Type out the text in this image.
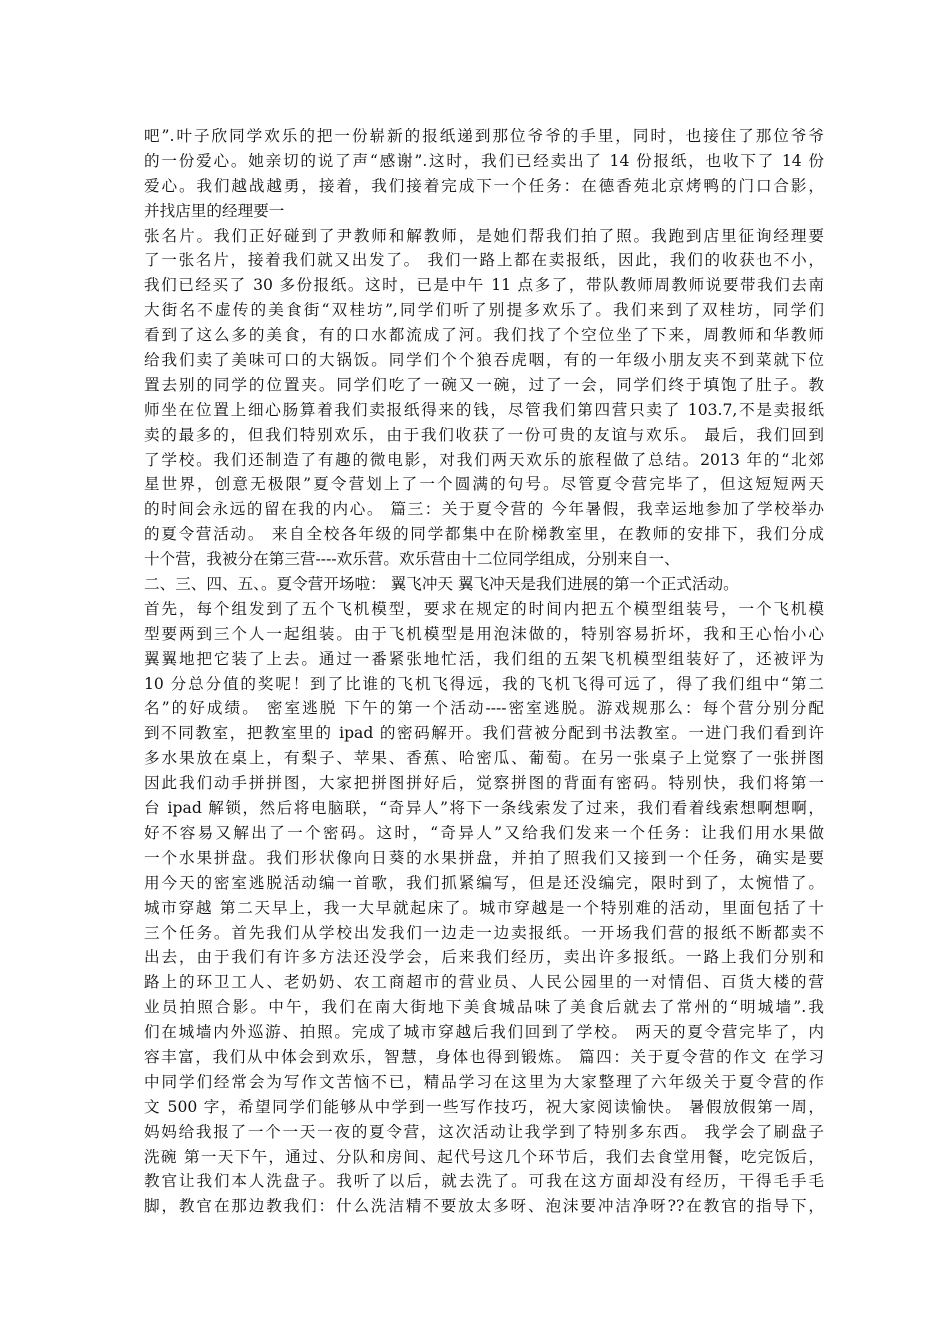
吧”.叶子欣同学欢乐的把一份崭新的报纸递到那位爷爷的手里，同时，也接住了那位爷爷
的一份爱心。她亲切的说了声“感谢”.这时，我们已经卖出了 14 份报纸，也收下了 14 份
爱心。我们越战越勇，接着，我们接着完成下一个任务：在德香苑北京烤鸭的门口合影，
并找店里的经理要一
张名片。我们正好碰到了尹教师和解教师，是她们帮我们拍了照。我跑到店里征询经理要
了一张名片，接着我们就又出发了。 我们一路上都在卖报纸，因此，我们的收获也不小，
我们已经买了 30 多份报纸。这时，已是中午 11 点多了，带队教师周教师说要带我们去南
大街名不虚传的美食街“双桂坊”,同学们听了别提多欢乐了。我们来到了双桂坊，同学们
看到了这么多的美食，有的口水都流成了河。我们找了个空位坐了下来，周教师和华教师
给我们卖了美味可口的大锅饭。同学们个个狼吞虎咽，有的一年级小朋友夹不到菜就下位
置去别的同学的位置夹。同学们吃了一碗又一碗，过了一会，同学们终于填饱了肚子。教
师坐在位置上细心肠算着我们卖报纸得来的钱，尽管我们第四营只卖了 103.7,不是卖报纸
卖的最多的，但我们特别欢乐，由于我们收获了一份可贵的友谊与欢乐。 最后，我们回到
了学校。我们还制造了有趣的微电影，对我们两天欢乐的旅程做了总结。2013 年的“北郊
星世界，创意无极限”夏令营划上了一个圆满的句号。尽管夏令营完毕了，但这短短两天
的时间会永远的留在我的内心。 篇三：关于夏令营的 今年暑假，我幸运地参加了学校举办
的夏令营活动。 来自全校各年级的同学都集中在阶梯教室里，在教师的安排下，我们分成
十个营，我被分在第三营----欢乐营。欢乐营由十二位同学组成，分别来自一、
二、三、四、五、。夏令营开场啦： 翼飞冲天 翼飞冲天是我们进展的第一个正式活动。
首先，每个组发到了五个飞机模型，要求在规定的时间内把五个模型组装号，一个飞机模
型要两到三个人一起组装。由于飞机模型是用泡沫做的，特别容易折坏，我和王心怡小心
翼翼地把它装了上去。通过一番紧张地忙活，我们组的五架飞机模型组装好了，还被评为
10 分总分值的奖呢！到了比谁的飞机飞得远，我的飞机飞得可远了，得了我们组中“第二
名”的好成绩。 密室逃脱 下午的第一个活动----密室逃脱。游戏规那么：每个营分别分配
到不同教室，把教室里的 ipad 的密码解开。我们营被分配到书法教室。一进门我们看到许
多水果放在桌上，有梨子、苹果、香蕉、哈密瓜、葡萄。在另一张桌子上觉察了一张拼图
因此我们动手拼拼图，大家把拼图拼好后，觉察拼图的背面有密码。特别快，我们将第一
台 ipad 解锁，然后将电脑联，“奇异人”将下一条线索发了过来，我们看着线索想啊想啊，
好不容易又解出了一个密码。这时，“奇异人”又给我们发来一个任务：让我们用水果做
一个水果拼盘。我们形状像向日葵的水果拼盘，并拍了照我们又接到一个任务，确实是要
用今天的密室逃脱活动编一首歌，我们抓紧编写，但是还没编完，限时到了，太惋惜了。
城市穿越 第二天早上，我一大早就起床了。城市穿越是一个特别难的活动，里面包括了十
三个任务。首先我们从学校出发我们一边走一边卖报纸。一开场我们营的报纸不断都卖不
出去，由于我们有许多方法还没学会，后来我们经历，卖出许多报纸。一路上我们分别和
路上的环卫工人、老奶奶、农工商超市的营业员、人民公园里的一对情侣、百货大楼的营
业员拍照合影。中午，我们在南大街地下美食城品味了美食后就去了常州的“明城墙”.我
们在城墙内外巡游、拍照。完成了城市穿越后我们回到了学校。 两天的夏令营完毕了，内
容丰富，我们从中体会到欢乐，智慧，身体也得到锻炼。 篇四：关于夏令营的作文 在学习
中同学们经常会为写作文苦恼不已，精品学习在这里为大家整理了六年级关于夏令营的作
文 500 字，希望同学们能够从中学到一些写作技巧，祝大家阅读愉快。 暑假放假第一周，
妈妈给我报了一个一天一夜的夏令营，这次活动让我学到了特别多东西。 我学会了刷盘子
洗碗 第一天下午，通过、分队和房间、起代号这几个环节后，我们去食堂用餐，吃完饭后，
教官让我们本人洗盘子。我听了以后，就去洗了。可我在这方面却没有经历，干得毛手毛
脚，教官在那边教我们：什么洗洁精不要放太多呀、泡沫要冲洁净呀??在教官的指导下，
